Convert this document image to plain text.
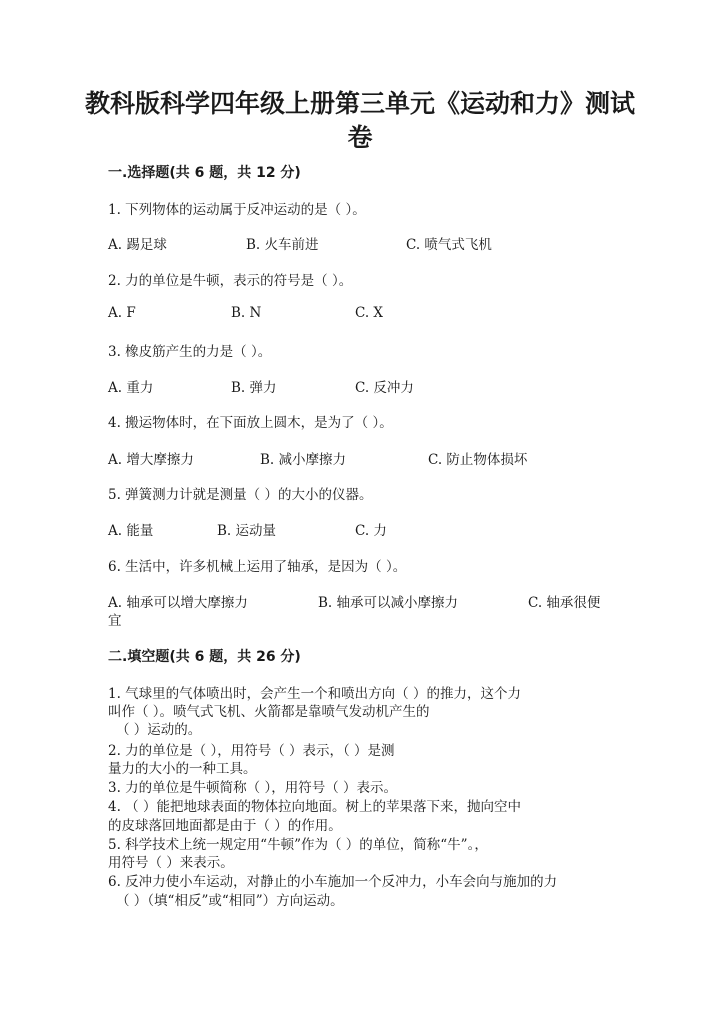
教科版科学四年级上册第三单元《运动和力》测试
卷
一.选择题(共 6 题，共 12 分)
1. 下列物体的运动属于反冲运动的是（ ）。
A. 踢足球	B. 火车前进	C. 喷气式飞机
2. 力的单位是牛顿，表示的符号是（ ）。
A. F	B. N	C. X
3. 橡皮筋产生的力是（ ）。
A. 重力	B. 弹力	C. 反冲力
4. 搬运物体时，在下面放上圆木，是为了（ ）。
A. 增大摩擦力	B. 减小摩擦力	C. 防止物体损坏
5. 弹簧测力计就是测量（ ）的大小的仪器。
A. 能量	B. 运动量	C. 力
6. 生活中，许多机械上运用了轴承，是因为（ ）。
A. 轴承可以增大摩擦力	B. 轴承可以减小摩擦力	C. 轴承很便
宜
二.填空题(共 6 题，共 26 分)
1. 气球里的气体喷出时，会产生一个和喷出方向（ ）的推力，这个力
叫作（ ）。喷气式飞机、火箭都是靠喷气发动机产生的
（ ）运动的。
2. 力的单位是（ ），用符号（ ）表示，（ ）是测
量力的大小的一种工具。
3. 力的单位是牛顿简称（ ），用符号（ ）表示。
4. （ ）能把地球表面的物体拉向地面。树上的苹果落下来，抛向空中
的皮球落回地面都是由于（ ）的作用。
5. 科学技术上统一规定用“牛顿”作为（ ）的单位，简称“牛”。，
用符号（ ）来表示。
6. 反冲力使小车运动，对静止的小车施加一个反冲力，小车会向与施加的力
（ ）（填“相反”或“相同”）方向运动。
